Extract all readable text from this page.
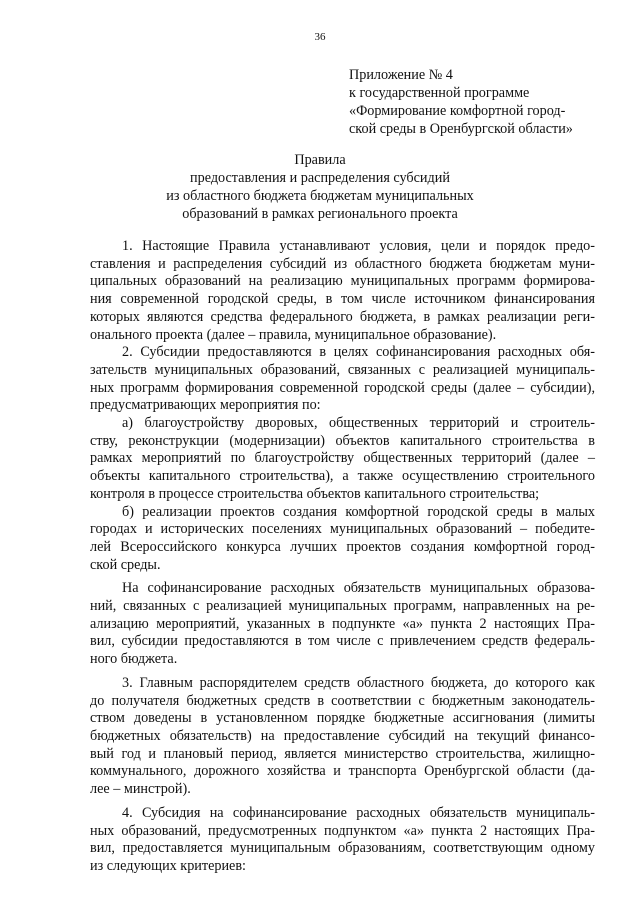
36
Приложение № 4
к государственной программе
«Формирование комфортной город-
ской среды в Оренбургской области»
Правила
предоставления и распределения субсидий
из областного бюджета бюджетам муниципальных
образований в рамках регионального проекта
1. Настоящие Правила устанавливают условия, цели и порядок предо-
ставления и распределения субсидий из областного бюджета бюджетам муни-
ципальных образований на реализацию муниципальных программ формирова-
ния современной городской среды, в том числе источником финансирования
которых являются средства федерального бюджета, в рамках реализации реги-
онального проекта (далее – правила, муниципальное образование).
2. Субсидии предоставляются в целях софинансирования расходных обя-
зательств муниципальных образований, связанных с реализацией муниципаль-
ных программ формирования современной городской среды (далее – субсидии),
предусматривающих мероприятия по:
а) благоустройству дворовых, общественных территорий и строитель-
ству, реконструкции (модернизации) объектов капитального строительства в
рамках мероприятий по благоустройству общественных территорий (далее –
объекты капитального строительства), а также осуществлению строительного
контроля в процессе строительства объектов капитального строительства;
б) реализации проектов создания комфортной городской среды в малых
городах и исторических поселениях муниципальных образований – победите-
лей Всероссийского конкурса лучших проектов создания комфортной город-
ской среды.
На софинансирование расходных обязательств муниципальных образова-
ний, связанных с реализацией муниципальных программ, направленных на ре-
ализацию мероприятий, указанных в подпункте «а» пункта 2 настоящих Пра-
вил, субсидии предоставляются в том числе с привлечением средств федераль-
ного бюджета.
3. Главным распорядителем средств областного бюджета, до которого как
до получателя бюджетных средств в соответствии с бюджетным законодатель-
ством доведены в установленном порядке бюджетные ассигнования (лимиты
бюджетных обязательств) на предоставление субсидий на текущий финансо-
вый год и плановый период, является министерство строительства, жилищно-
коммунального, дорожного хозяйства и транспорта Оренбургской области (да-
лее – минстрой).
4. Субсидия на софинансирование расходных обязательств муниципаль-
ных образований, предусмотренных подпунктом «а» пункта 2 настоящих Пра-
вил, предоставляется муниципальным образованиям, соответствующим одному
из следующих критериев:
